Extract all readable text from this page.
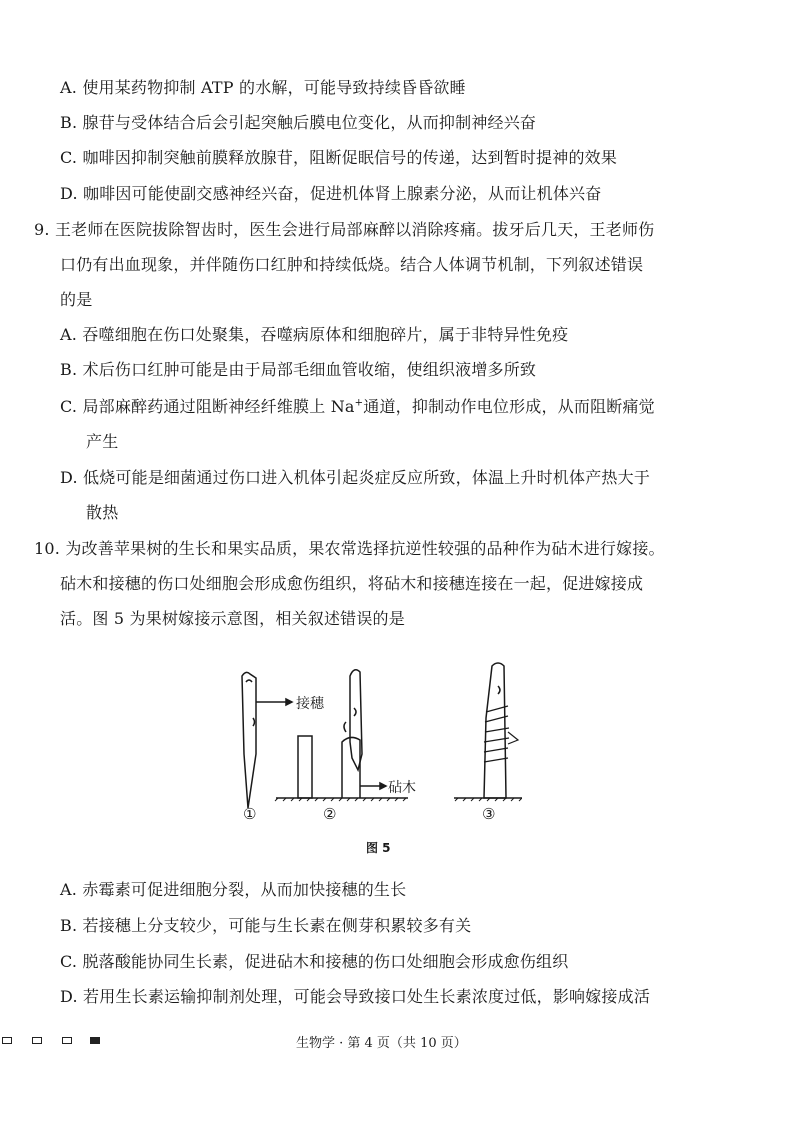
A. 使用某药物抑制 ATP 的水解，可能导致持续昏昏欲睡
B. 腺苷与受体结合后会引起突触后膜电位变化，从而抑制神经兴奋
C. 咖啡因抑制突触前膜释放腺苷，阻断促眠信号的传递，达到暂时提神的效果
D. 咖啡因可能使副交感神经兴奋，促进机体肾上腺素分泌，从而让机体兴奋
9. 王老师在医院拔除智齿时，医生会进行局部麻醉以消除疼痛。拔牙后几天，王老师伤
口仍有出血现象，并伴随伤口红肿和持续低烧。结合人体调节机制，下列叙述错误
的是
A. 吞噬细胞在伤口处聚集，吞噬病原体和细胞碎片，属于非特异性免疫
B. 术后伤口红肿可能是由于局部毛细血管收缩，使组织液增多所致
C. 局部麻醉药通过阻断神经纤维膜上 Na+通道，抑制动作电位形成，从而阻断痛觉
产生
D. 低烧可能是细菌通过伤口进入机体引起炎症反应所致，体温上升时机体产热大于
散热
10. 为改善苹果树的生长和果实品质，果农常选择抗逆性较强的品种作为砧木进行嫁接。
砧木和接穗的伤口处细胞会形成愈伤组织，将砧木和接穗连接在一起，促进嫁接成
活。图 5 为果树嫁接示意图，相关叙述错误的是
接穗
砧木
①	②	③
图 5
A. 赤霉素可促进细胞分裂，从而加快接穗的生长
B. 若接穗上分支较少，可能与生长素在侧芽积累较多有关
C. 脱落酸能协同生长素，促进砧木和接穗的伤口处细胞会形成愈伤组织
D. 若用生长素运输抑制剂处理，可能会导致接口处生长素浓度过低，影响嫁接成活
生物学 · 第 4 页（共 10 页）
